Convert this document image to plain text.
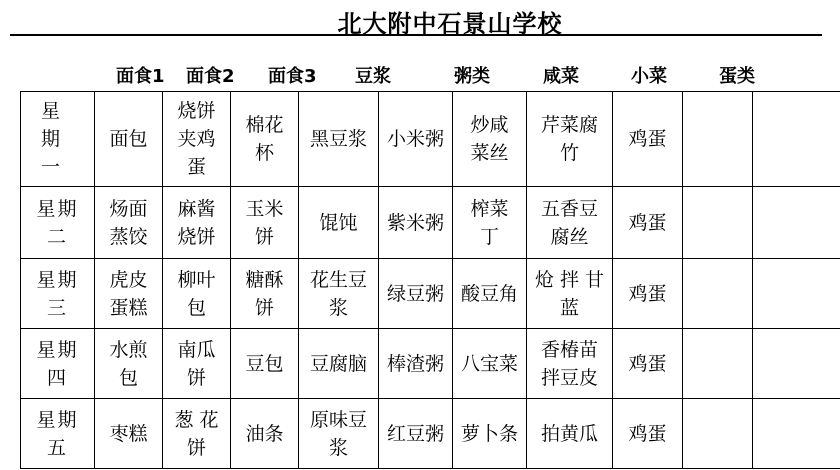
北大附中石景山学校
面食1 面食2 面食3 豆浆	粥类	咸菜	小菜	蛋类
星 期 一	面包	烧饼夹鸡蛋	棉花杯	黑豆浆	小米粥	炒咸菜丝	芹菜腐竹	鸡蛋		
星期二	炀面蒸饺	麻酱烧饼	玉米饼	馄饨	紫米粥	榨菜丁	五香豆腐丝	鸡蛋		
星期三	虎皮蛋糕	柳叶包	糖酥饼	花生豆浆	绿豆粥	酸豆角	炝 拌 甘蓝	鸡蛋		
星期四	水煎包	南瓜饼	豆包	豆腐脑	棒渣粥	八宝菜	香椿苗拌豆皮	鸡蛋		
星期五	枣糕	葱 花饼	油条	原味豆浆	红豆粥	萝卜条	拍黄瓜	鸡蛋		
